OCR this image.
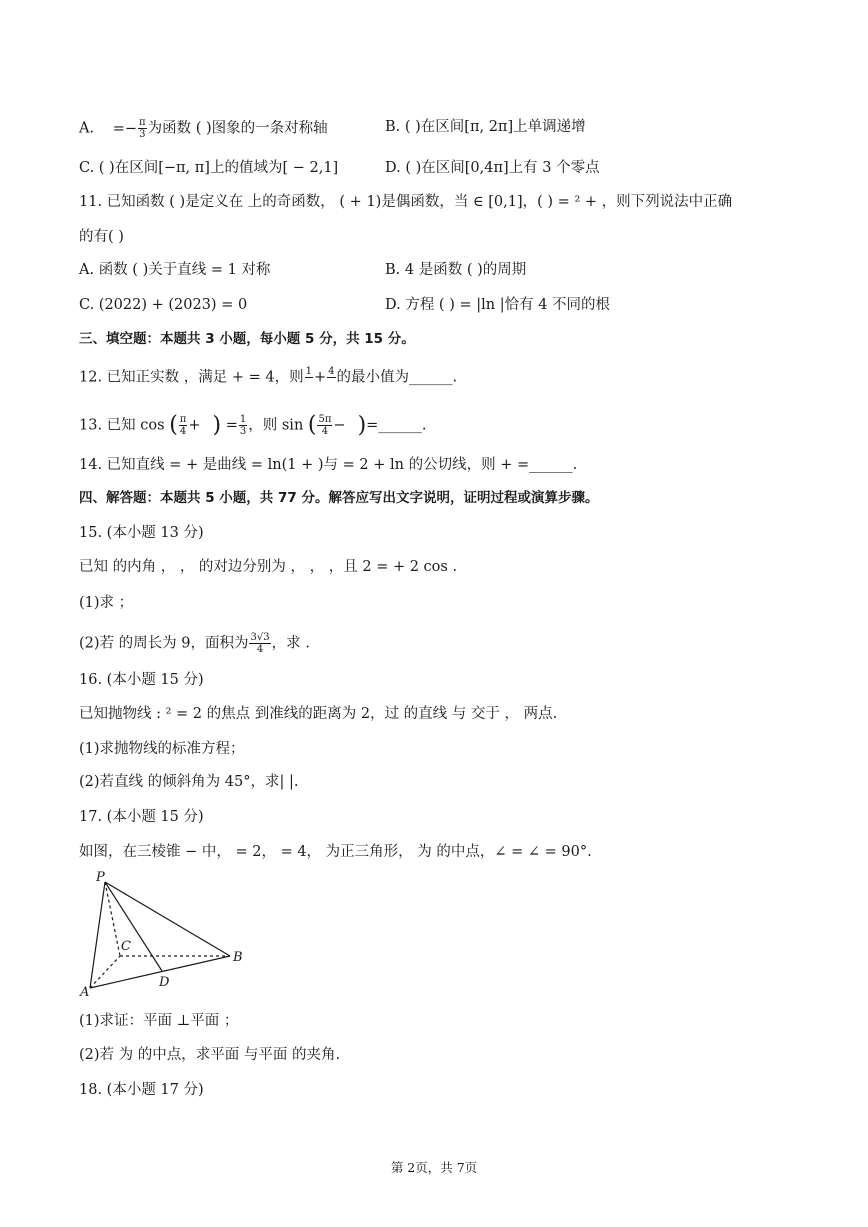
A. =− $\frac{\pi}{3}$ 为函数 ( )图象的一条对称轴	B. ( )在区间[π, 2π]上单调递增
C. ( )在区间[−π, π]上的值域为[ − 2,1]	D. ( )在区间[0,4π]上有 3 个零点
11. 已知函数 ( )是定义在 上的奇函数， ( + 1)是偶函数，当 ∈ [0,1]，( ) = ² + ，则下列说法中正确
的有( )
A. 函数 ( )关于直线 = 1 对称	B. 4 是函数 ( )的周期
C. (2022) + (2023) = 0	D. 方程 ( ) = |ln |恰有 4 不同的根
三、填空题：本题共 3 小题，每小题 5 分，共 15 分。
12. 已知正实数 ，满足 + = 4，则 1
+ 4
的最小值为______.
13. 已知 cos ( $\frac{\pi}{4}$ + ) = $\frac{1}{3}$ ，则 sin ( $\frac{5\pi}{4}$ − )=______.
14. 已知直线 = + 是曲线 = ln(1 + )与 = 2 + ln 的公切线，则 + =______.
四、解答题：本题共 5 小题，共 77 分。解答应写出文字说明，证明过程或演算步骤。
15. (本小题 13 分)
已知 的内角 ， ， 的对边分别为 ， ， ，且 2 = + 2 cos .
(1)求 ；
(2)若 的周长为 9，面积为 $\frac{3√3}{4}$ ，求 .
16. (本小题 15 分)
已知抛物线 : ² = 2 的焦点 到准线的距离为 2，过 的直线 与 交于 ， 两点.
(1)求抛物线的标准方程；
(2)若直线 的倾斜角为 45°，求| |.
17. (本小题 15 分)
如图，在三棱锥 − 中， = 2， = 4， 为正三角形， 为 的中点，∠ = ∠ = 90°.
P
C
A
B
D
(1)求证：平面 ⊥平面 ；
(2)若 为 的中点，求平面 与平面 的夹角.
18. (本小题 17 分)
第 2页，共 7页
